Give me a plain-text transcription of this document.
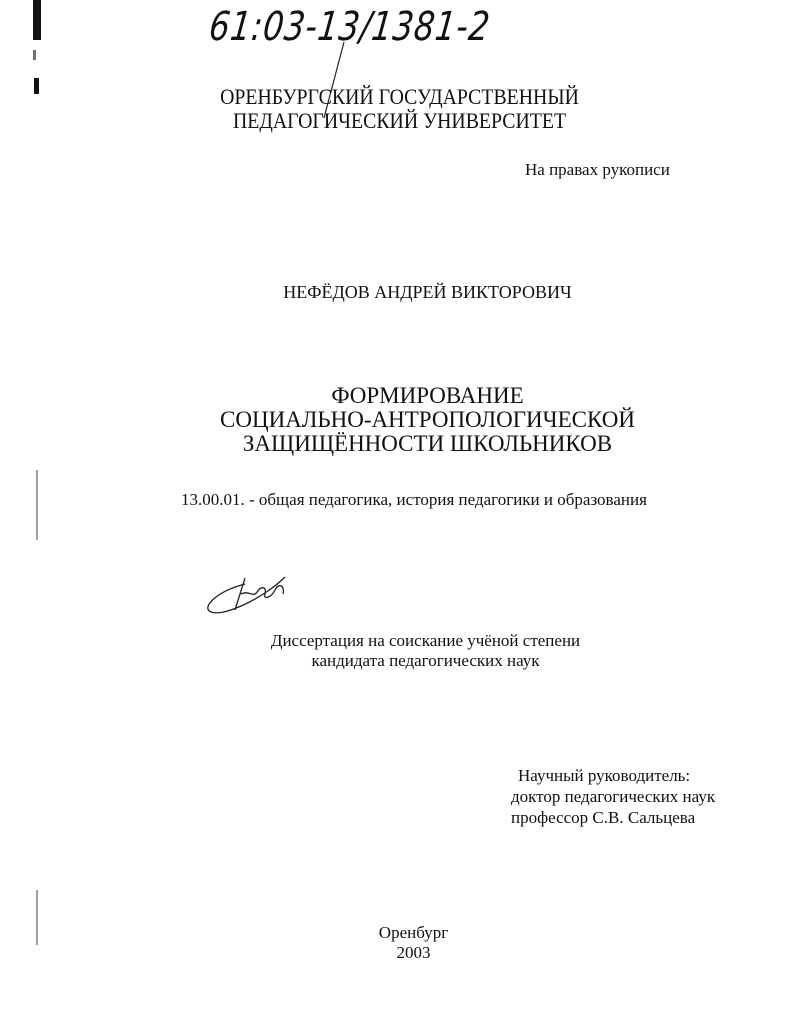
61:03-13/1381-2
ОРЕНБУРГСКИЙ ГОСУДАРСТВЕННЫЙ
ПЕДАГОГИЧЕСКИЙ УНИВЕРСИТЕТ
На правах рукописи
НЕФЁДОВ АНДРЕЙ ВИКТОРОВИЧ
ФОРМИРОВАНИЕ
СОЦИАЛЬНО-АНТРОПОЛОГИЧЕСКОЙ
ЗАЩИЩЁННОСТИ ШКОЛЬНИКОВ
13.00.01. - общая педагогика, история педагогики и образования
Диссертация на соискание учёной степени
кандидата педагогических наук
Научный руководитель:
доктор педагогических наук
профессор С.В. Сальцева
Оренбург
2003
